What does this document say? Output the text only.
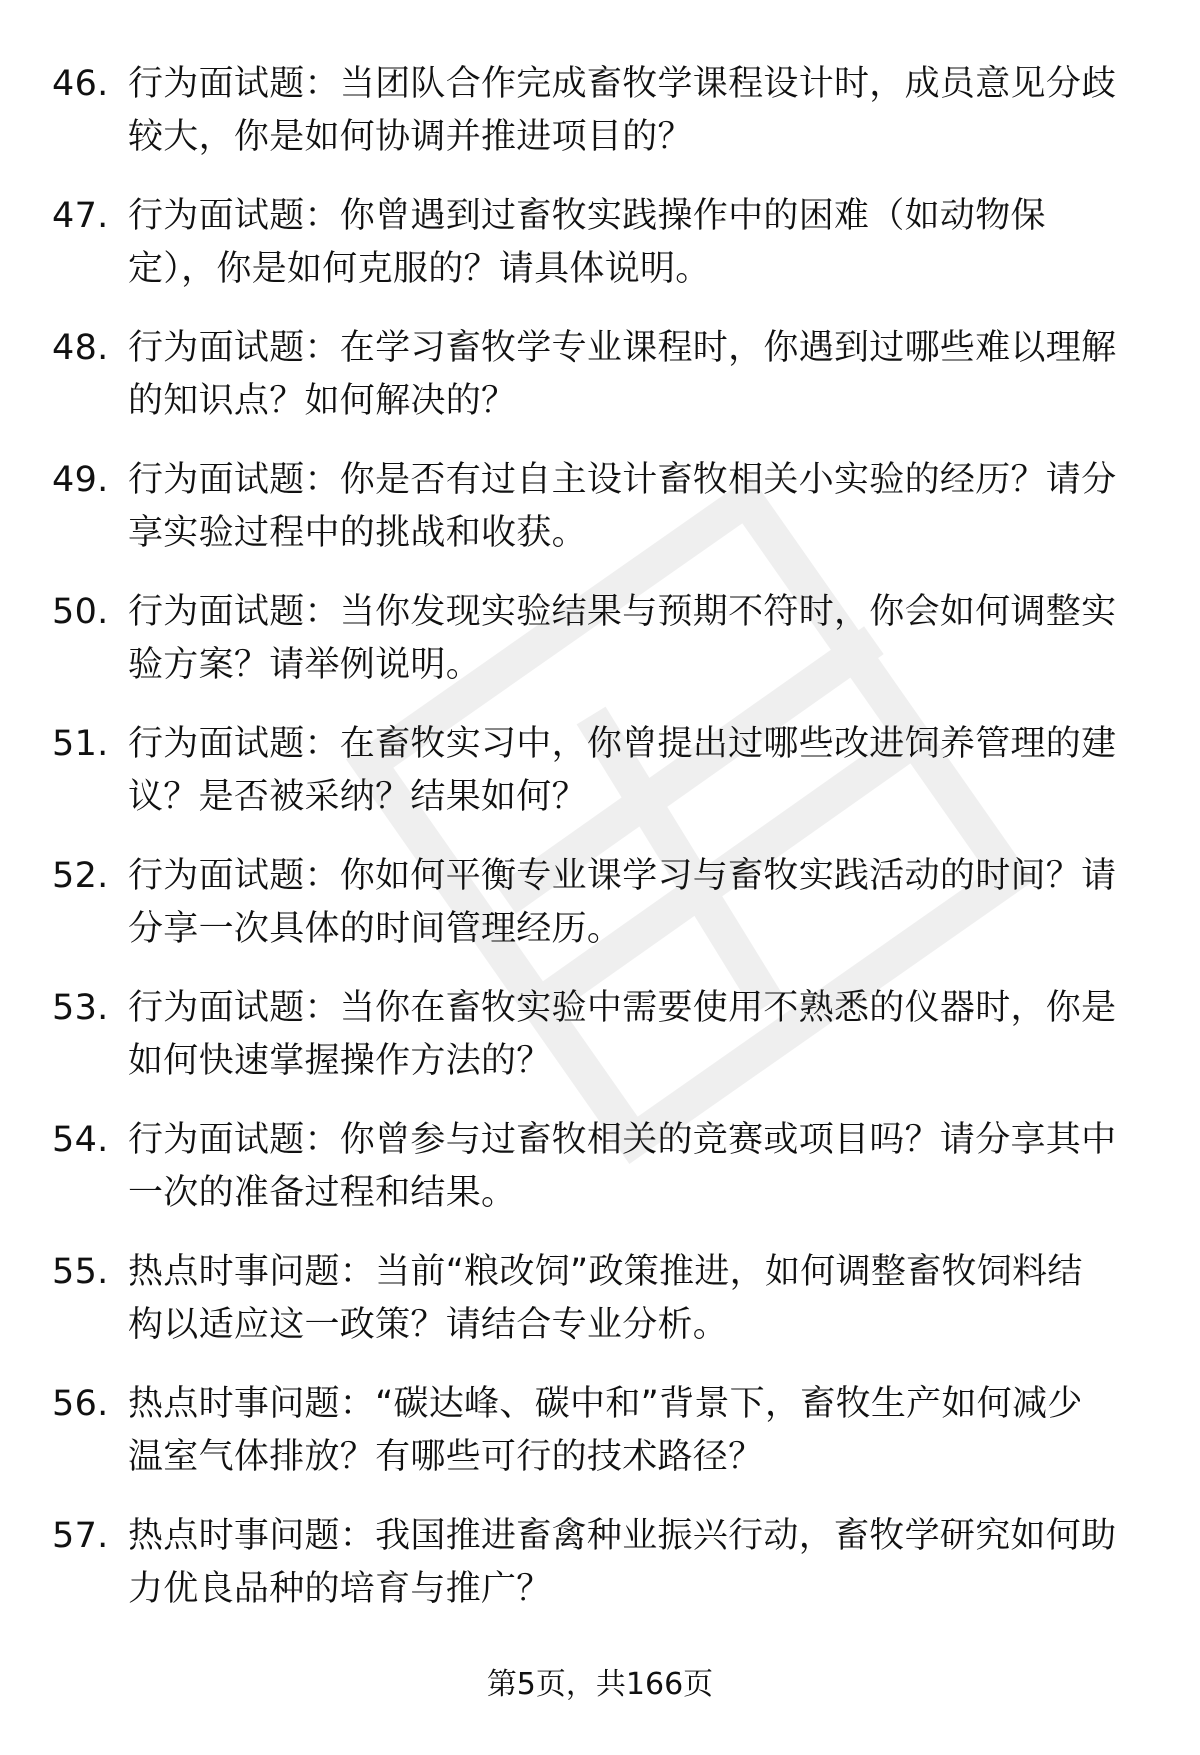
46. 行为面试题：当团队合作完成畜牧学课程设计时，成员意见分歧
较大，你是如何协调并推进项目的？
47. 行为面试题：你曾遇到过畜牧实践操作中的困难（如动物保
定），你是如何克服的？请具体说明。
48. 行为面试题：在学习畜牧学专业课程时，你遇到过哪些难以理解
的知识点？如何解决的？
49. 行为面试题：你是否有过自主设计畜牧相关小实验的经历？请分
享实验过程中的挑战和收获。
50. 行为面试题：当你发现实验结果与预期不符时，你会如何调整实
验方案？请举例说明。
51. 行为面试题：在畜牧实习中，你曾提出过哪些改进饲养管理的建
议？是否被采纳？结果如何？
52. 行为面试题：你如何平衡专业课学习与畜牧实践活动的时间？请
分享一次具体的时间管理经历。
53. 行为面试题：当你在畜牧实验中需要使用不熟悉的仪器时，你是
如何快速掌握操作方法的？
54. 行为面试题：你曾参与过畜牧相关的竞赛或项目吗？请分享其中
一次的准备过程和结果。
55. 热点时事问题：当前“粮改饲”政策推进，如何调整畜牧饲料结
构以适应这一政策？请结合专业分析。
56. 热点时事问题：“碳达峰、碳中和”背景下，畜牧生产如何减少
温室气体排放？有哪些可行的技术路径？
57. 热点时事问题：我国推进畜禽种业振兴行动，畜牧学研究如何助
力优良品种的培育与推广？
第5页，共166页
